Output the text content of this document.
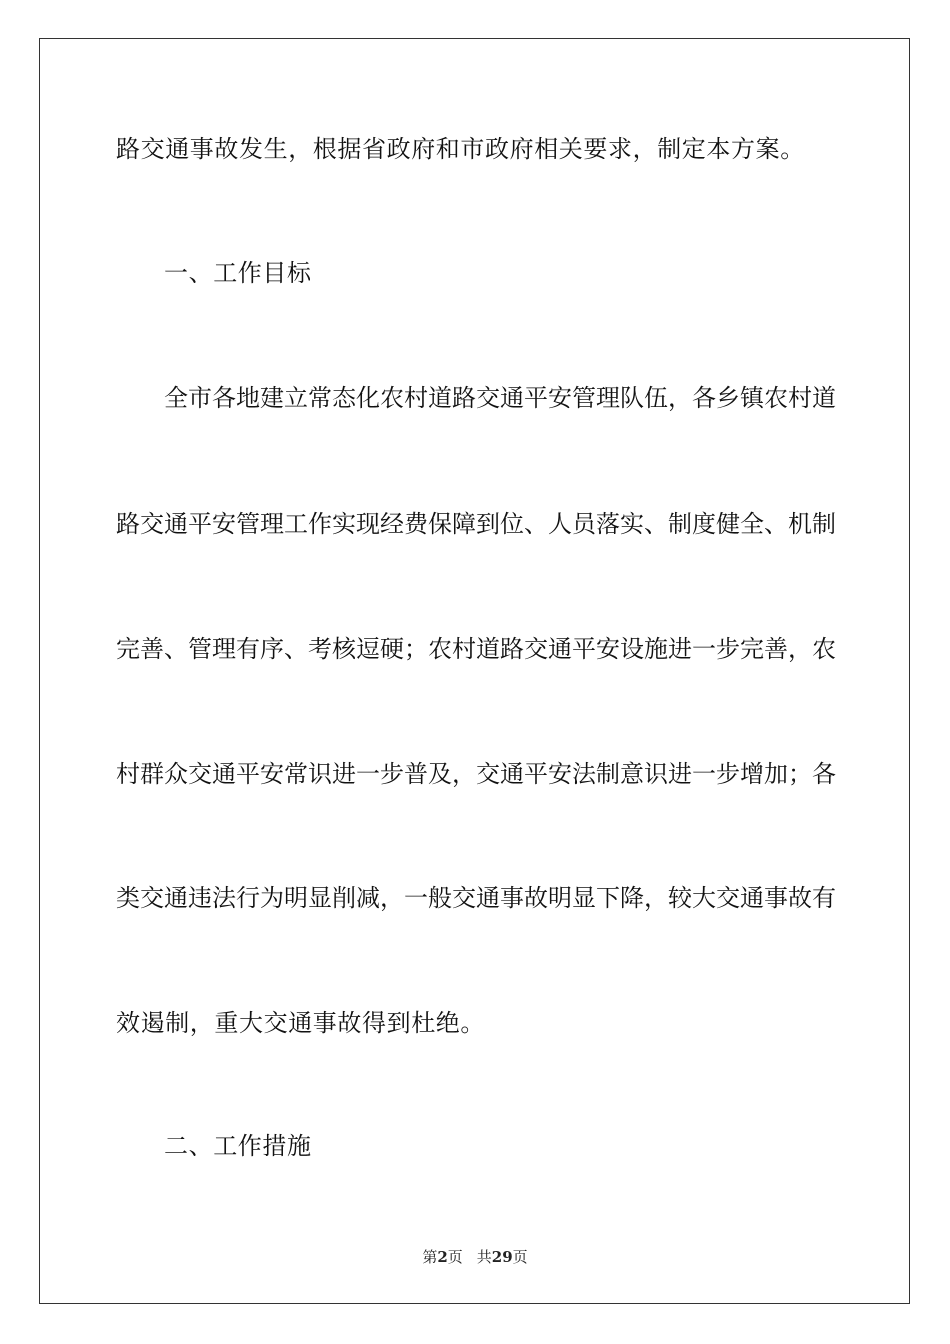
路交通事故发生，根据省政府和市政府相关要求，制定本方案。
一、工作目标
全市各地建立常态化农村道路交通平安管理队伍，各乡镇农村道
路交通平安管理工作实现经费保障到位、人员落实、制度健全、机制
完善、管理有序、考核逗硬；农村道路交通平安设施进一步完善，农
村群众交通平安常识进一步普及，交通平安法制意识进一步增加；各
类交通违法行为明显削减，一般交通事故明显下降，较大交通事故有
效遏制，重大交通事故得到杜绝。
二、工作措施
第2页 共29页
